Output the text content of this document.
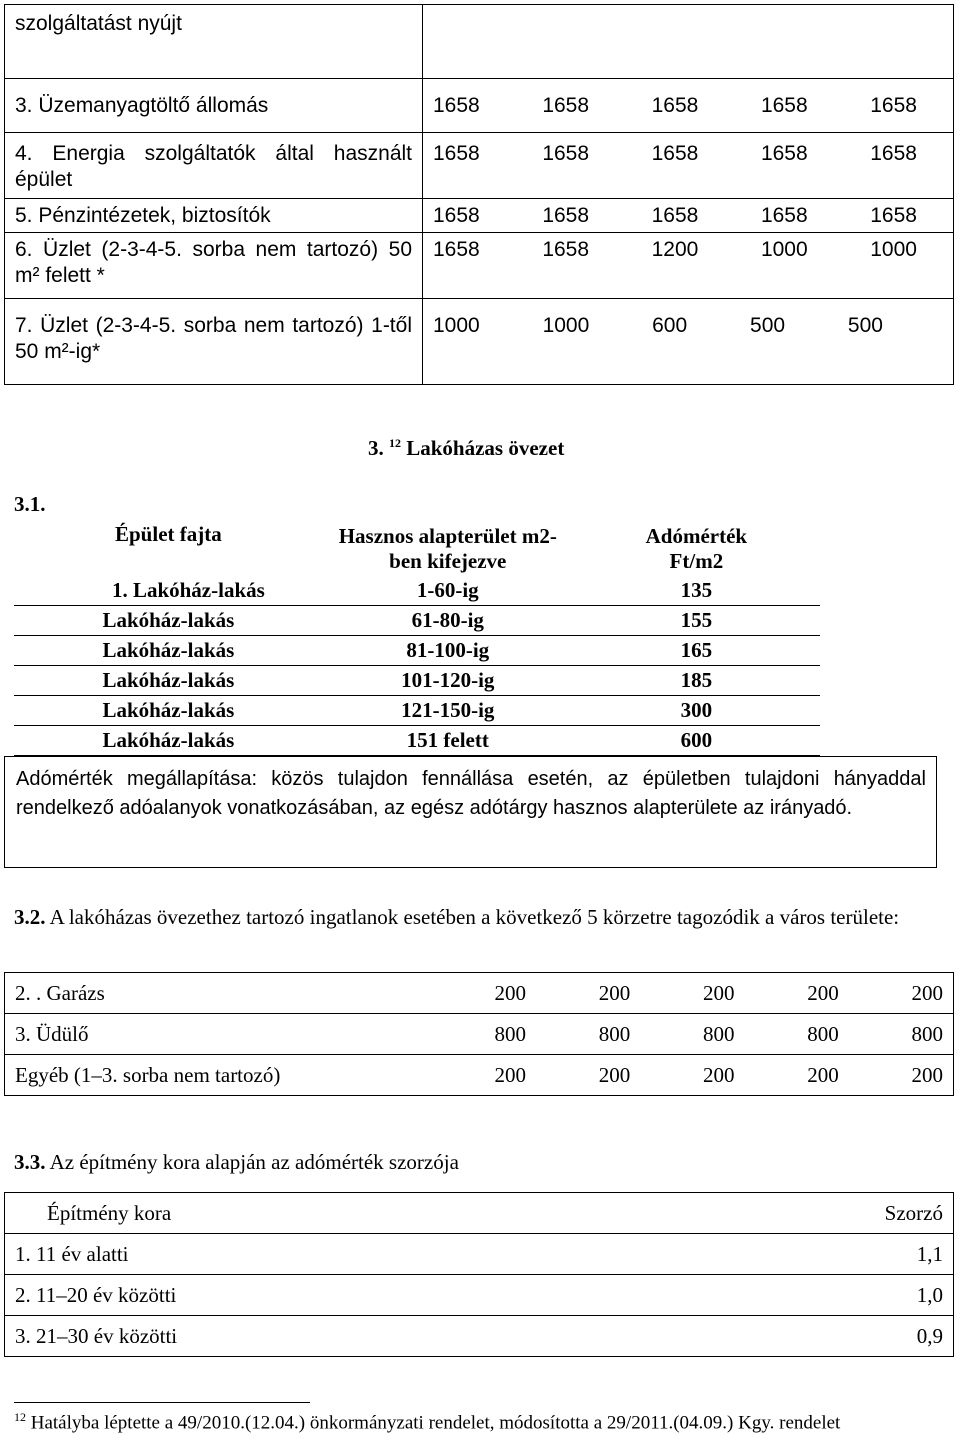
szolgáltatást nyújt	
3. Üzemanyagtöltő állomás	1658 1658 1658 1658 1658

4. Energia szolgáltatók által használt épület	1658 1658 1658 1658 1658

5. Pénzintézetek, biztosítók	1658 1658 1658 1658 1658

6. Üzlet (2-3-4-5. sorba nem tartozó) 50 m² felett *	1658 1658 1200 1000 1000

7. Üzlet (2-3-4-5. sorba nem tartozó) 1-től 50 m²-ig*	1000 1000 600 500 500
3. $^{12}$ Lakóházas övezet
3.1.
Épület fajta	Hasznos alapterület m2-ben kifejezve	Adómérték Ft/m2

1. Lakóház-lakás	1-60-ig	135
Lakóház-lakás	61-80-ig	155
Lakóház-lakás	81-100-ig	165
Lakóház-lakás	101-120-ig	185
Lakóház-lakás	121-150-ig	300
Lakóház-lakás	151 felett	600
Adómérték megállapítása: közös tulajdon fennállása esetén, az épületben tulajdoni hányaddal rendelkező adóalanyok vonatkozásában, az egész adótárgy hasznos alapterülete az irányadó.
3.2. A lakóházas övezethez tartozó ingatlanok esetében a következő 5 körzetre tagozódik a város területe:
2. . Garázs	200 200 200 200 200

3. Üdülő	800 800 800 800 800

Egyéb (1–3. sorba nem tartozó)	200 200 200 200 200
3.3. Az építmény kora alapján az adómérték szorzója
Építmény kora	Szorzó
1. 11 év alatti	1,1
2. 11–20 év közötti	1,0
3. 21–30 év közötti	0,9
$^{12}$ Hatályba léptette a 49/2010.(12.04.) önkormányzati rendelet, módosította a 29/2011.(04.09.) Kgy. rendelet
